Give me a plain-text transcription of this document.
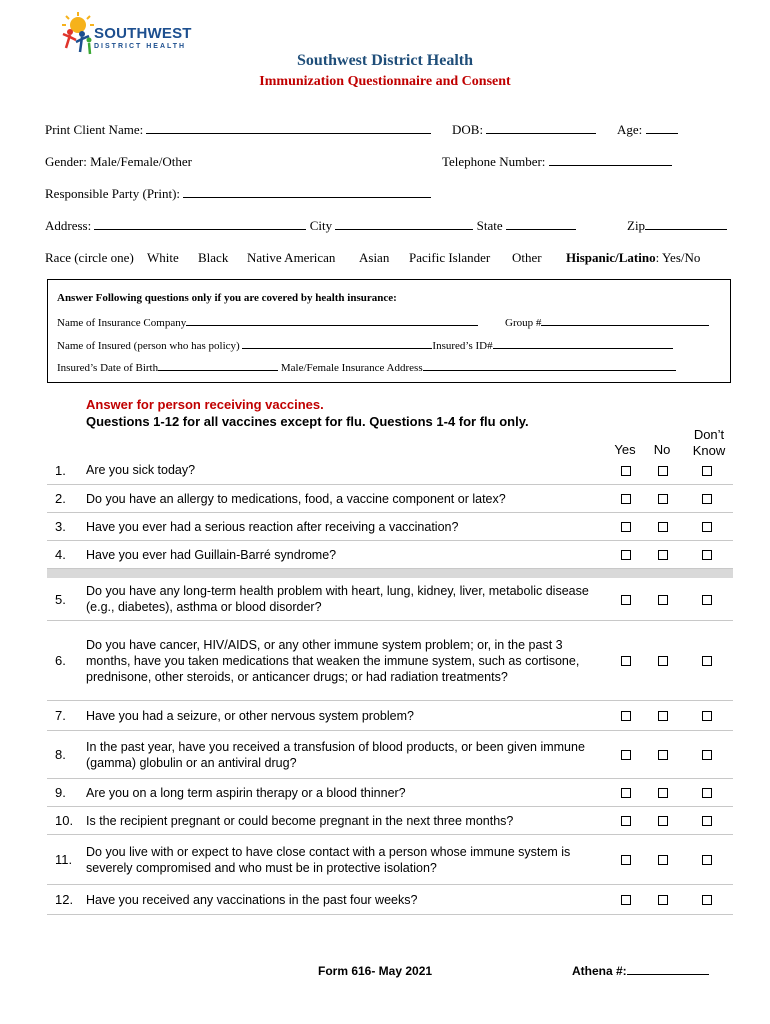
SOUTHWEST
DISTRICT HEALTH
Southwest District Health
Immunization Questionnaire and Consent
Print Client Name:	DOB:	Age:
Gender: Male/Female/Other	Telephone Number:
Responsible Party (Print):
Address:	City	State	Zip
Race (circle one) White Black Native American Asian Pacific Islander Other Hispanic/Latino: Yes/No
Answer Following questions only if you are covered by health insurance:
Name of Insurance Company	Group #
Name of Insured (person who has policy)	Insured’s ID#
Insured’s Date of Birth	Male/Female Insurance Address
Answer for person receiving vaccines.
Questions 1-12 for all vaccines except for flu. Questions 1-4 for flu only.
Yes	No
Don’t
Know
1. Are you sick today?
2. Do you have an allergy to medications, food, a vaccine component or latex?
3. Have you ever had a serious reaction after receiving a vaccination?
4. Have you ever had Guillain-Barré syndrome?
5.
Do you have any long-term health problem with heart, lung, kidney, liver, metabolic disease (e.g., diabetes), asthma or blood disorder?
6.
Do you have cancer, HIV/AIDS, or any other immune system problem; or, in the past 3 months, have you taken medications that weaken the immune system, such as cortisone, prednisone, other steroids, or anticancer drugs; or had radiation treatments?
7. Have you had a seizure, or other nervous system problem?
8.
In the past year, have you received a transfusion of blood products, or been given immune (gamma) globulin or an antiviral drug?
9. Are you on a long term aspirin therapy or a blood thinner?
10. Is the recipient pregnant or could become pregnant in the next three months?
11.
Do you live with or expect to have close contact with a person whose immune system is severely compromised and who must be in protective isolation?
12. Have you received any vaccinations in the past four weeks?
Form 616- May 2021	Athena #:
